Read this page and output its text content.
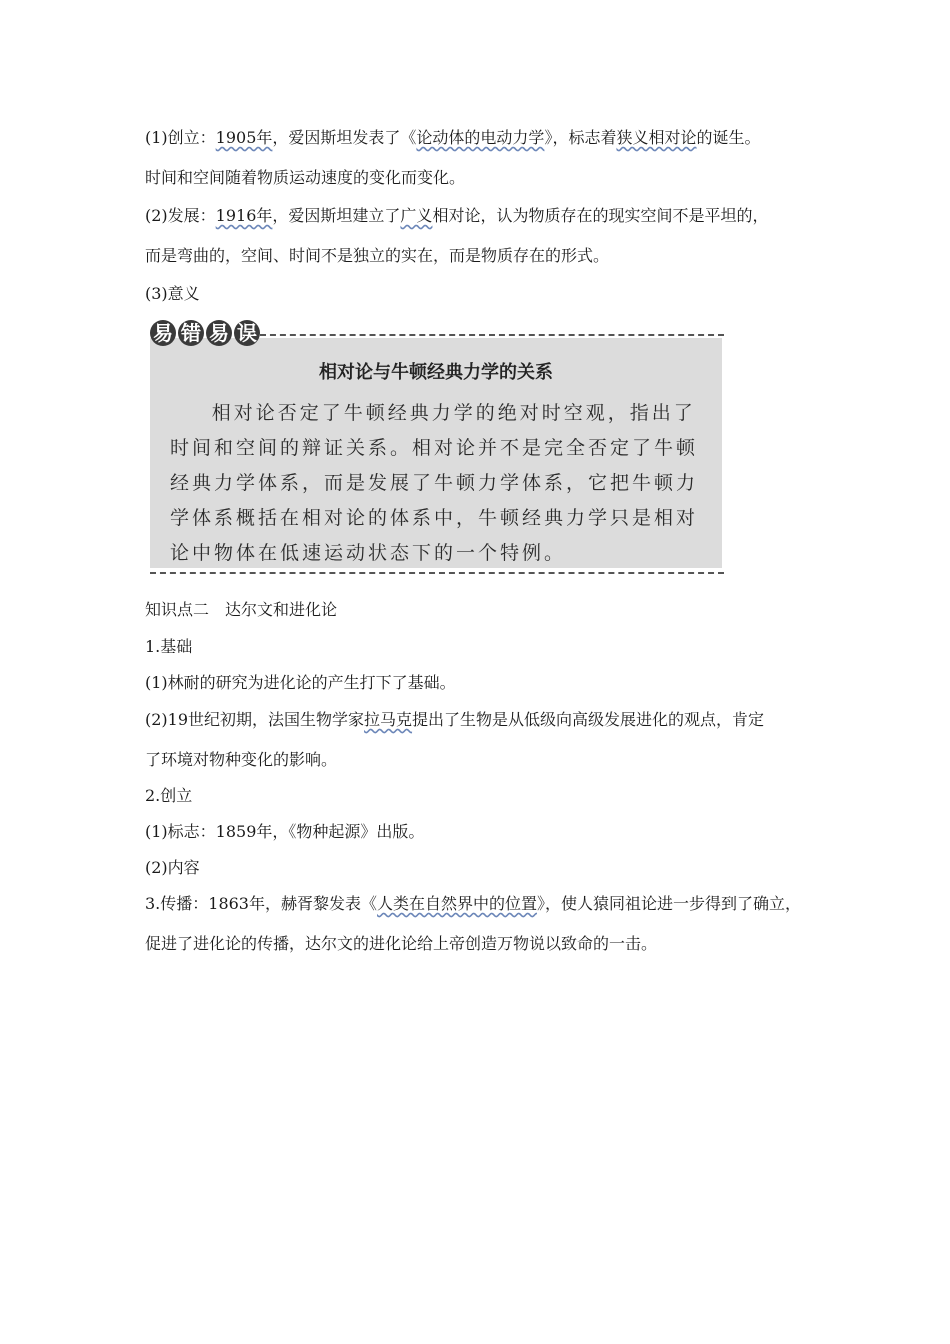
(1)创立：1905年，爱因斯坦发表了《论动体的电动力学》，标志着狭义相对论的诞生。
时间和空间随着物质运动速度的变化而变化。
(2)发展：1916年，爱因斯坦建立了广义相对论，认为物质存在的现实空间不是平坦的，
而是弯曲的，空间、时间不是独立的实在，而是物质存在的形式。
(3)意义
相对论与牛顿经典力学的关系
相对论否定了牛顿经典力学的绝对时空观，指出了时间和空间的辩证关系。相对论并不是完全否定了牛顿经典力学体系，而是发展了牛顿力学体系，它把牛顿力学体系概括在相对论的体系中，牛顿经典力学只是相对论中物体在低速运动状态下的一个特例。
易 错 易 误
知识点二　达尔文和进化论
1.基础
(1)林耐的研究为进化论的产生打下了基础。
(2)19世纪初期，法国生物学家拉马克提出了生物是从低级向高级发展进化的观点，肯定
了环境对物种变化的影响。
2.创立
(1)标志：1859年，《物种起源》出版。
(2)内容
3.传播：1863年，赫胥黎发表《人类在自然界中的位置》，使人猿同祖论进一步得到了确立，
促进了进化论的传播，达尔文的进化论给上帝创造万物说以致命的一击。
